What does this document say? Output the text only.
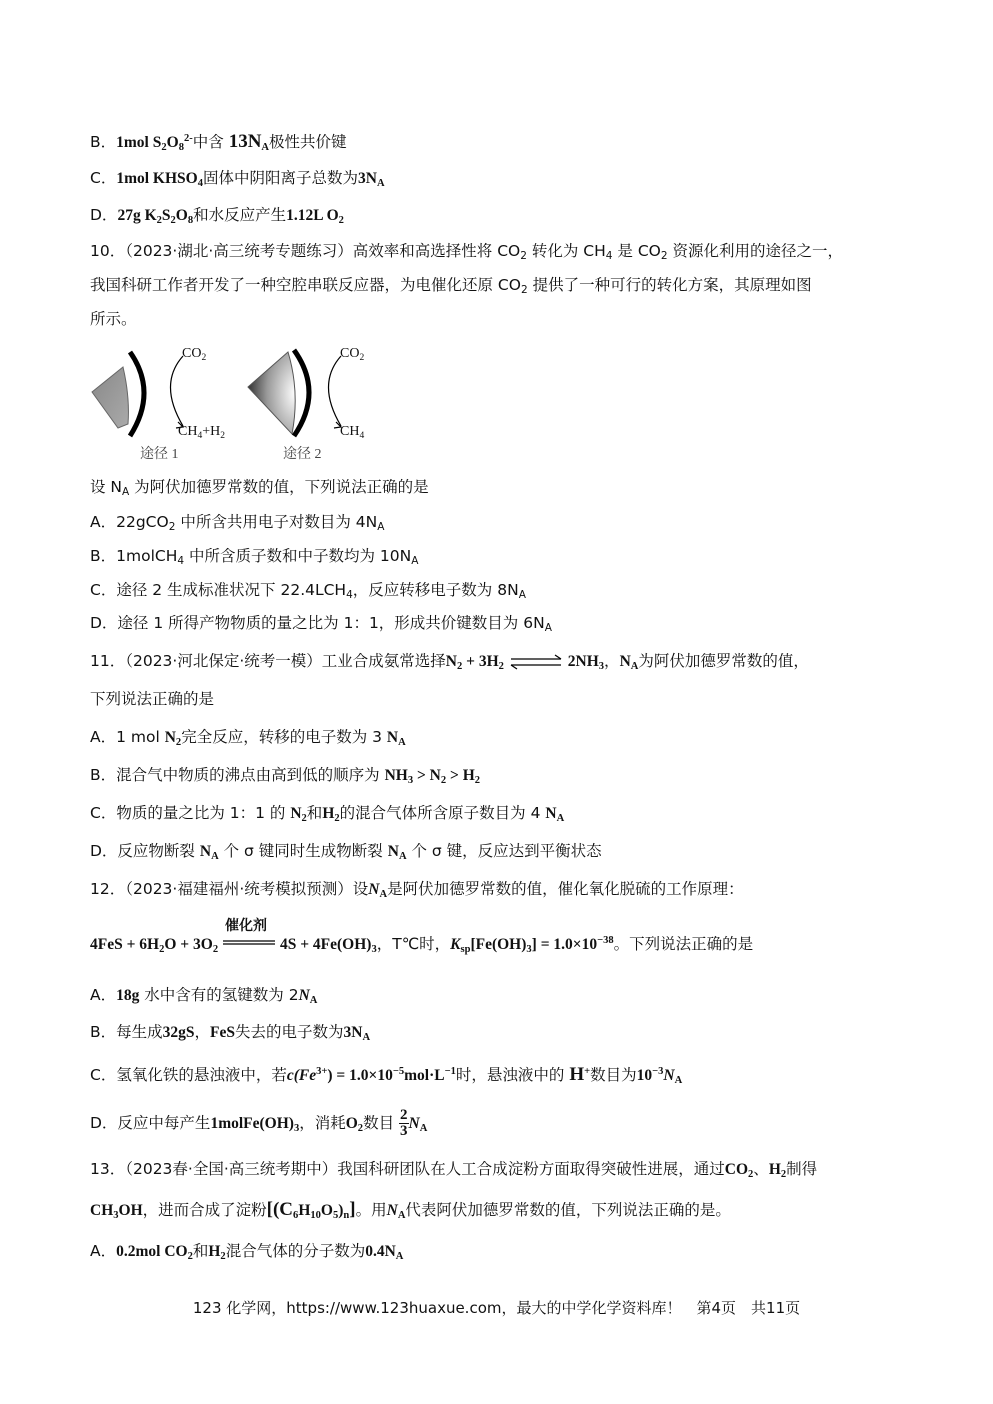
B．1mol $S_2O_8^{2-}$中含 $13N_A$极性共价键
C．1mol $KHSO_4$固体中阴阳离子总数为$3N_A$
D．27g $K_2S_2O_8$和水反应产生1.12L $O_2$
10．（2023·湖北·高三统考专题练习）高效率和高选择性将 $CO_2$ 转化为 $CH_4$ 是 $CO_2$ 资源化利用的途径之一，
我国科研工作者开发了一种空腔串联反应器，为电催化还原 $CO_2$ 提供了一种可行的转化方案，其原理如图
所示。
$CO_2$
$CH_4+H_2$
途径 1
$CO_2$
$CH_4$
途径 2
设 $N_A$ 为阿伏加德罗常数的值，下列说法正确的是
A．22gCO$_2$ 中所含共用电子对数目为 $4N_A$
B．1molCH$_4$ 中所含质子数和中子数均为 $10N_A$
C．途径 2 生成标准状况下 $22.4LCH_4$，反应转移电子数为 $8N_A$
D．途径 1 所得产物物质的量之比为 1：1，形成共价键数目为 $6N_A$
11．（2023·河北保定·统考一模）工业合成氨常选择$N_2 + 3H_2$ ⇌ $2NH_3$，$N_A$为阿伏加德罗常数的值，
下列说法正确的是
A．1 mol $N_2$完全反应，转移的电子数为 3 $N_A$
B．混合气中物质的沸点由高到低的顺序为 $NH_3 > N_2 > H_2$
C．物质的量之比为 1：1 的 $N_2$和$H_2$的混合气体所含原子数目为 4 $N_A$
D．反应物断裂 $N_A$ 个 σ 键同时生成物断裂 $N_A$ 个 σ 键，反应达到平衡状态
12．（2023·福建福州·统考模拟预测）设$N_A$是阿伏加德罗常数的值，催化氧化脱硫的工作原理：
$4FeS + 6H_2O + 3O_2$
催化剂
$4S + 4Fe(OH)_3$，T℃时，$K_{sp}[Fe(OH)_3] = 1.0\times 10^{-38}$。下列说法正确的是
A．18g 水中含有的氢键数为 $2N_A$
B．每生成32gS，FeS失去的电子数为$3N_A$
C．氢氧化铁的悬浊液中，若$c(Fe^{3+}) = 1.0\times 10^{-5}mol\cdot L^{-1}$时，悬浊液中的 H+数目为$10^{-3}N_A$
D．反应中每产生$1molFe(OH)_3$，消耗$O_2$数目 $\frac{2}{3} N_A$
13．（2023春·全国·高三统考期中）我国科研团队在人工合成淀粉方面取得突破性进展，通过$CO_2$、$H_2$制得
$CH_3OH$，进而合成了淀粉$[(C_6H_{10}O_5)_n]$。用$N_A$代表阿伏加德罗常数的值，下列说法正确的是。
A．0.2mol $CO_2$和$H_2$混合气体的分子数为$0.4N_A$
123 化学网，https://www.123huaxue.com，最大的中学化学资料库！　第4页　共11页
